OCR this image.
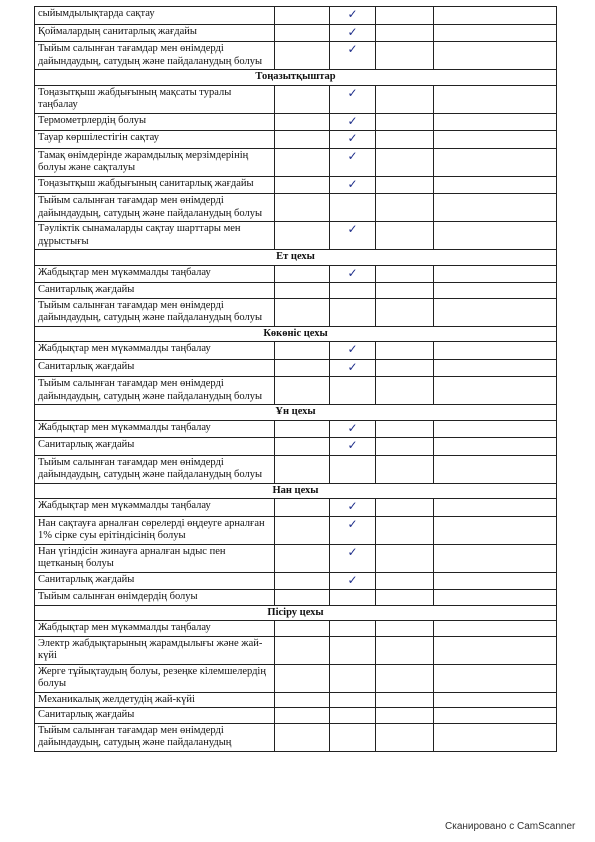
сыйымдылықтарда сақтау		✓		
Қоймалардың санитарлық жағдайы		✓		
Тыйым салынған тағамдар мен өнімдерді дайындаудың, сатудың және пайдаланудың болуы		✓		
Тоңазытқыштар				
Тоңазытқыш жабдығының мақсаты туралы таңбалау		✓		
Термометрлердің болуы		✓		
Тауар көршілестігін сақтау		✓		
Тамақ өнімдерінде жарамдылық мерзімдерінің болуы және сақталуы		✓		
Тоңазытқыш жабдығының санитарлық жағдайы		✓		
Тыйым салынған тағамдар мен өнімдерді дайындаудың, сатудың және пайдаланудың болуы				
Тәуліктік сынамаларды сақтау шарттары мен дұрыстығы		✓		
Ет цехы				
Жабдықтар мен мүкәммалды таңбалау		✓		
Санитарлық жағдайы				
Тыйым салынған тағамдар мен өнімдерді дайындаудың, сатудың және пайдаланудың болуы				
Көкөніс цехы				
Жабдықтар мен мүкәммалды таңбалау		✓		
Санитарлық жағдайы		✓		
Тыйым салынған тағамдар мен өнімдерді дайындаудың, сатудың және пайдаланудың болуы				
Ұн цехы				
Жабдықтар мен мүкәммалды таңбалау		✓		
Санитарлық жағдайы		✓		
Тыйым салынған тағамдар мен өнімдерді дайындаудың, сатудың және пайдаланудың болуы				
Нан цехы				
Жабдықтар мен мүкәммалды таңбалау		✓		
Нан сақтауға арналған сөрелерді өңдеуге арналған 1% сірке суы ерітіндісінің болуы		✓		
Нан үгіндісін жинауға арналған ыдыс пен щетканың болуы		✓		
Санитарлық жағдайы		✓		
Тыйым салынған өнімдердің болуы				
Пісіру цехы				
Жабдықтар мен мүкәммалды таңбалау				
Электр жабдықтарының жарамдылығы және жай-күйі				
Жерге тұйықтаудың болуы, резеңке кілемшелердің болуы				
Механикалық желдетудің жай-күйі				
Санитарлық жағдайы				
Тыйым салынған тағамдар мен өнімдерді дайындаудың, сатудың және пайдаланудың				
Сканировано с CamScanner
